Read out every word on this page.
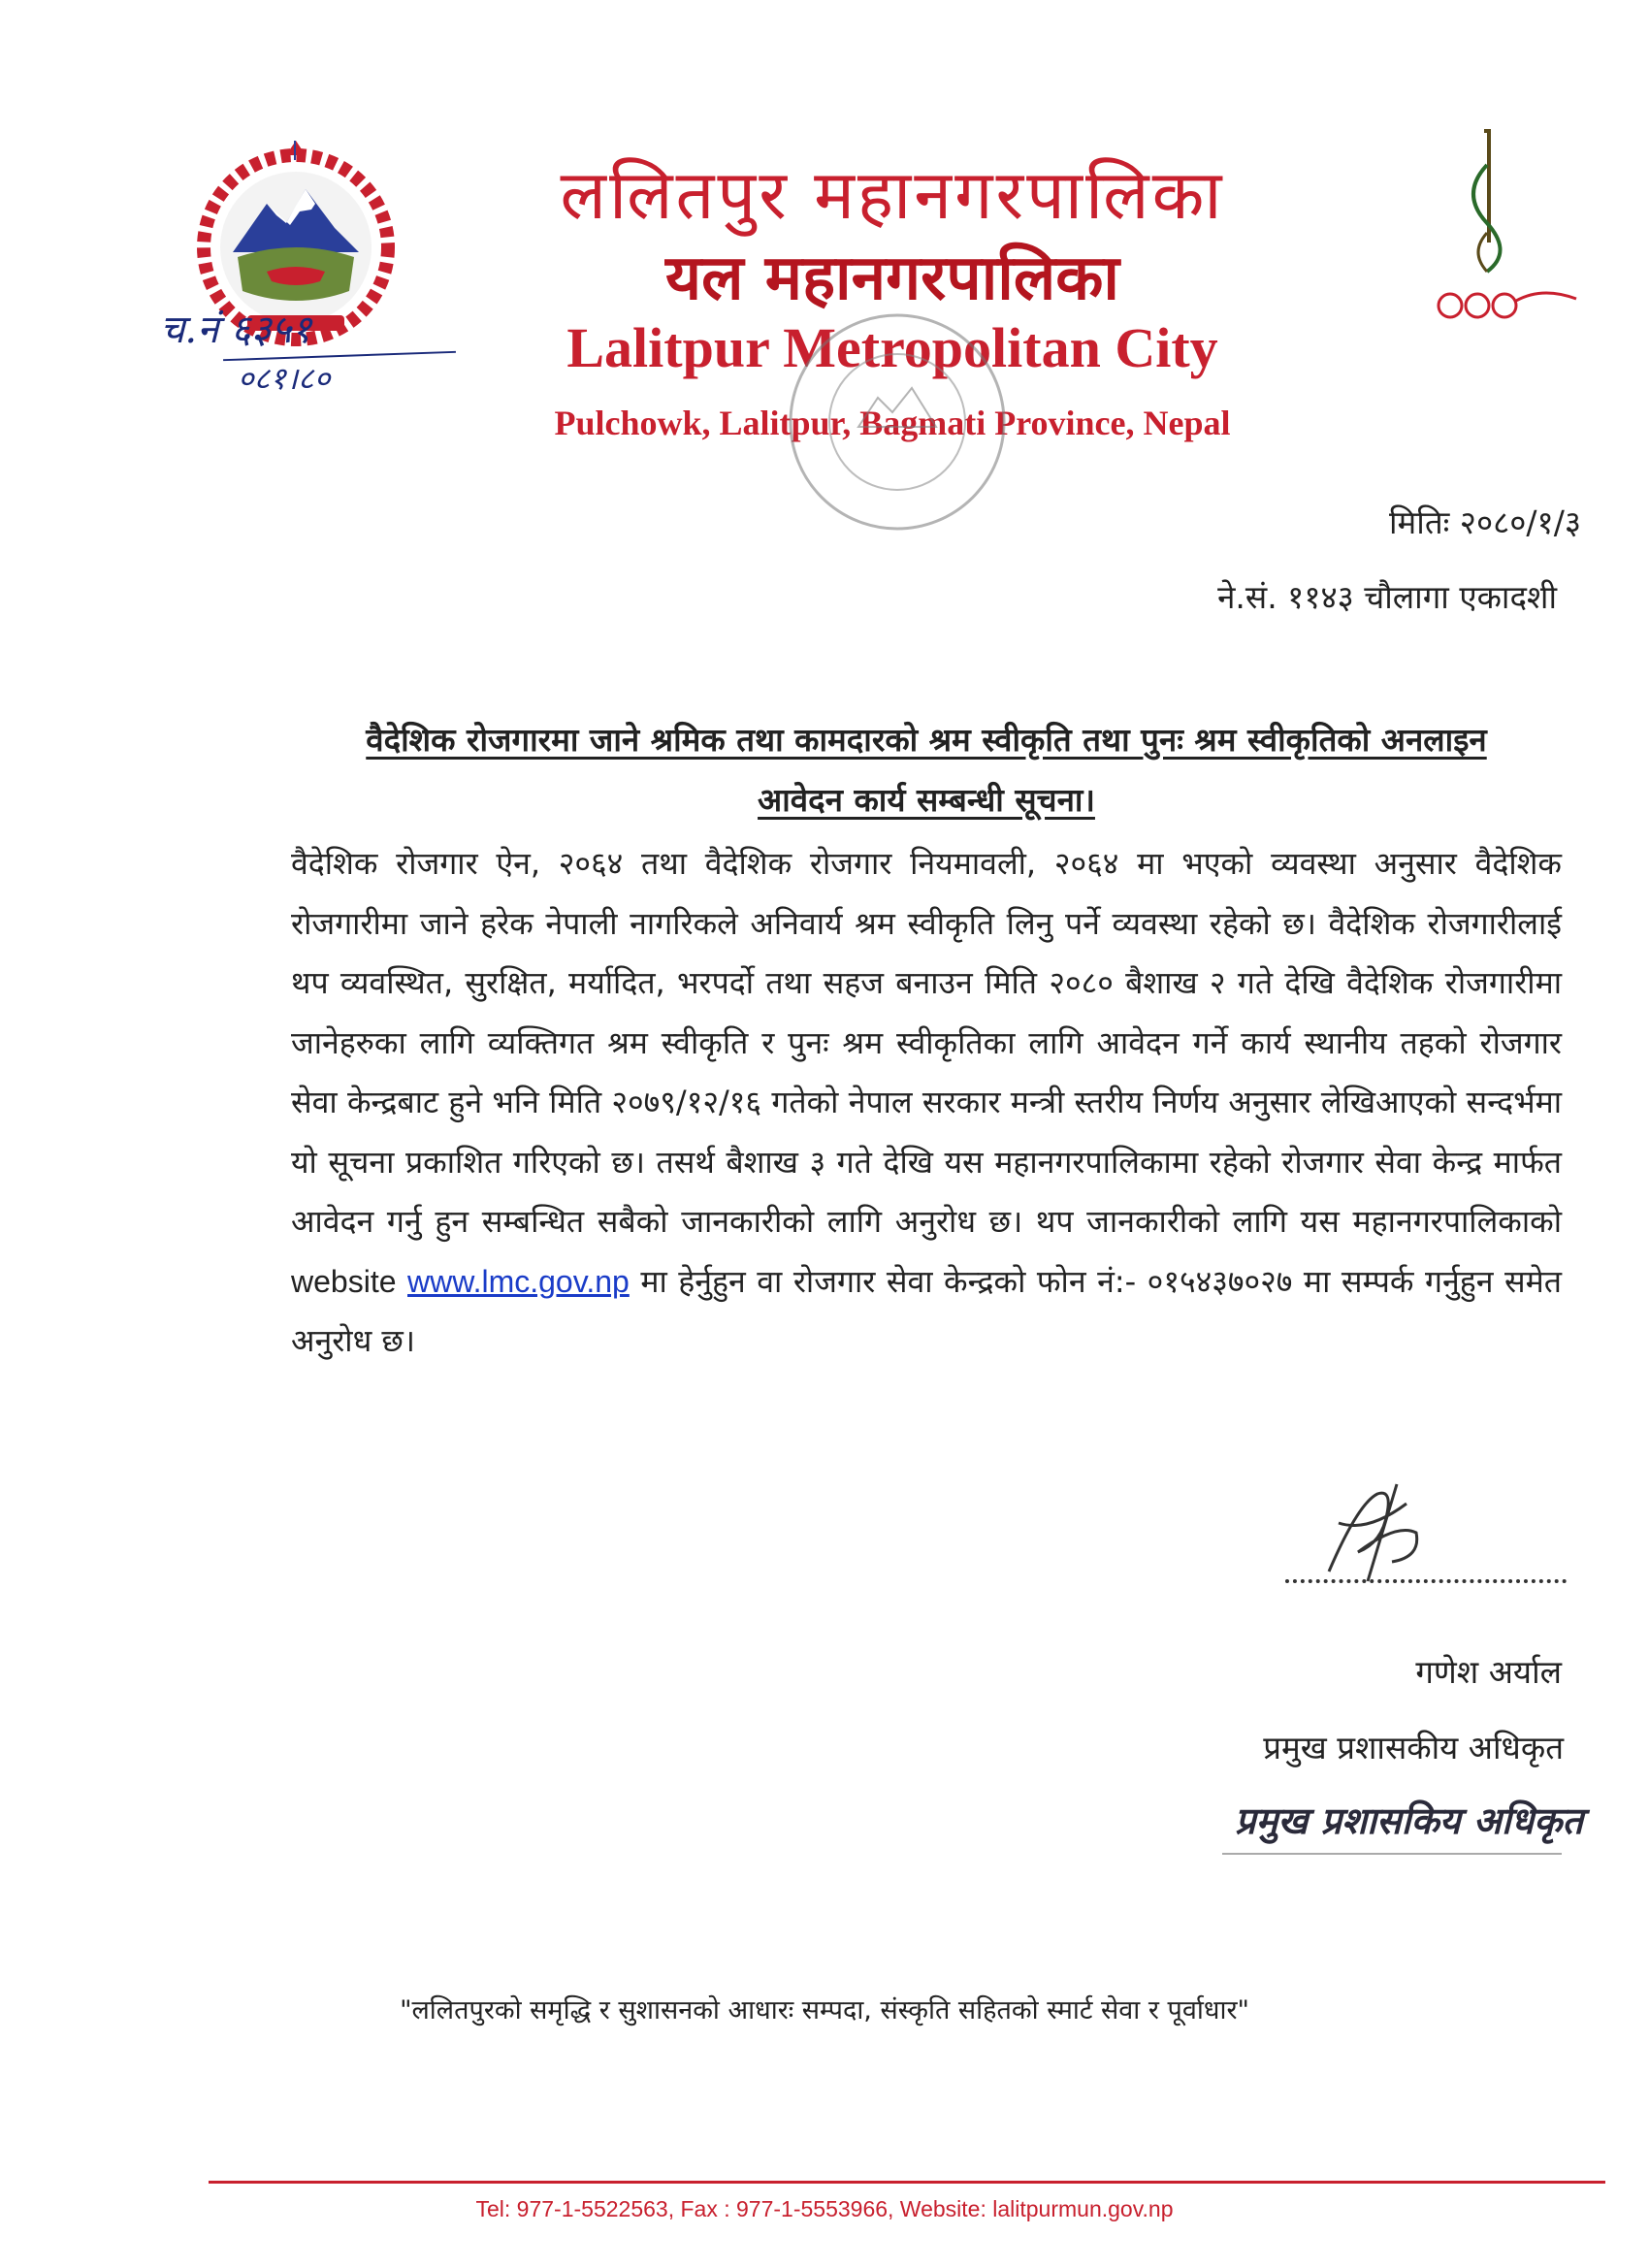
ललितपुर महानगरपालिका
यल महानगरपालिका
Lalitpur Metropolitan City
Pulchowk, Lalitpur, Bagmati Province, Nepal
च.नं ६३५१
०८१।८०
मितिः २०८०/१/३
ने.सं. ११४३ चौलागा एकादशी
वैदेशिक रोजगारमा जाने श्रमिक तथा कामदारको श्रम स्वीकृति तथा पुनः श्रम स्वीकृतिको अनलाइन
आवेदन कार्य सम्बन्धी सूचना।
वैदेशिक रोजगार ऐन, २०६४ तथा वैदेशिक रोजगार नियमावली, २०६४ मा भएको व्यवस्था अनुसार वैदेशिक रोजगारीमा जाने हरेक नेपाली नागरिकले अनिवार्य श्रम स्वीकृति लिनु पर्ने व्यवस्था रहेको छ। वैदेशिक रोजगारीलाई थप व्यवस्थित, सुरक्षित, मर्यादित, भरपर्दो तथा सहज बनाउन मिति २०८० बैशाख २ गते देखि वैदेशिक रोजगारीमा जानेहरुका लागि व्यक्तिगत श्रम स्वीकृति र पुनः श्रम स्वीकृतिका लागि आवेदन गर्ने कार्य स्थानीय तहको रोजगार सेवा केन्द्रबाट हुने भनि मिति २०७९/१२/१६ गतेको नेपाल सरकार मन्त्री स्तरीय निर्णय अनुसार लेखिआएको सन्दर्भमा यो सूचना प्रकाशित गरिएको छ। तसर्थ बैशाख ३ गते देखि यस महानगरपालिकामा रहेको रोजगार सेवा केन्द्र मार्फत आवेदन गर्नु हुन सम्बन्धित सबैको जानकारीको लागि अनुरोध छ। थप जानकारीको लागि यस महानगरपालिकाको website www.lmc.gov.np मा हेर्नुहुन वा रोजगार सेवा केन्द्रको फोन नं:- ०१५४३७०२७ मा सम्पर्क गर्नुहुन समेत अनुरोध छ।
गणेश अर्याल
प्रमुख प्रशासकीय अधिकृत
प्रमुख प्रशासकिय अधिकृत
"ललितपुरको समृद्धि र सुशासनको आधारः सम्पदा, संस्कृति सहितको स्मार्ट सेवा र पूर्वाधार"
Tel: 977-1-5522563, Fax : 977-1-5553966, Website: lalitpurmun.gov.np
